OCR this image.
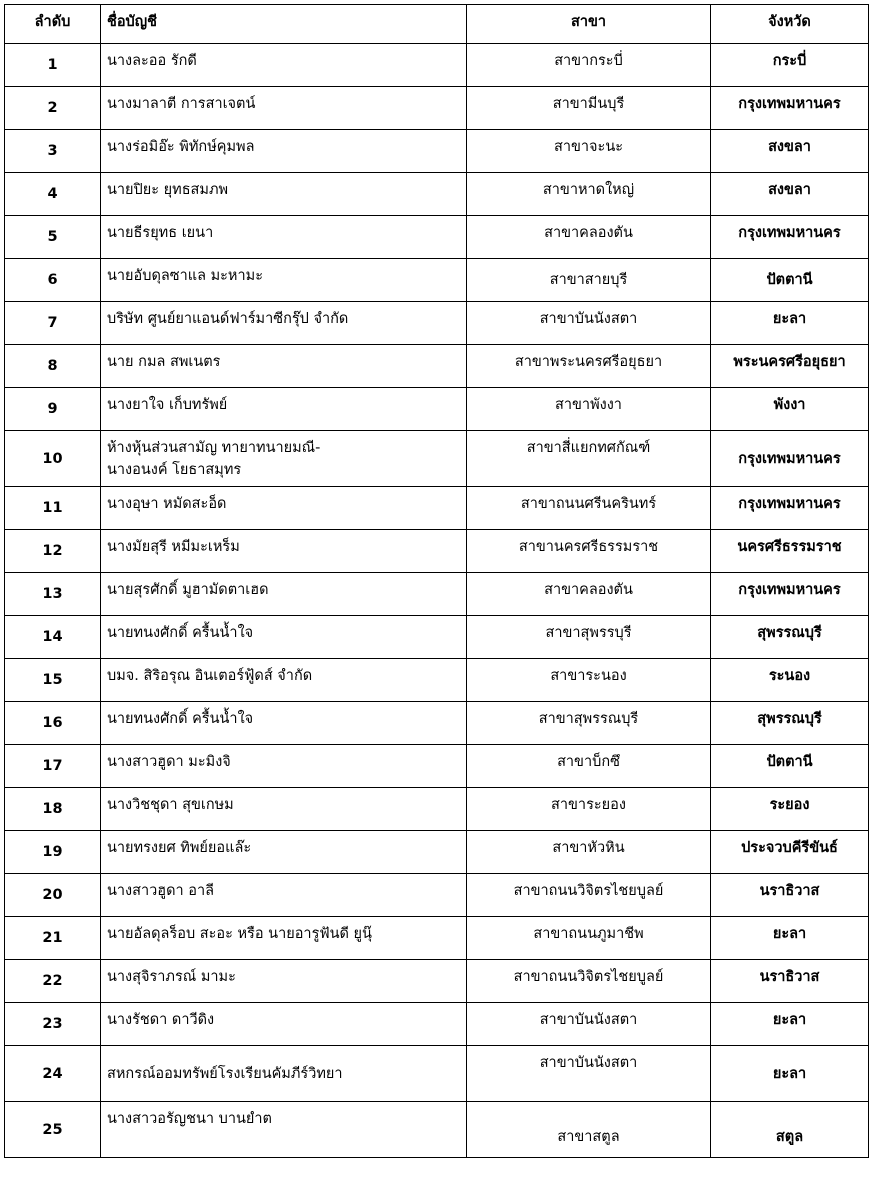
ลำดับ	ชื่อบัญชี	สาขา	จังหวัด
1	นางละออ รักดี	สาขากระบี่	กระบี่
2	นางมาลาตี การสาเจตน์	สาขามีนบุรี	กรุงเทพมหานคร
3	นางร่อมิอ๊ะ พิทักษ์คุมพล	สาขาจะนะ	สงขลา
4	นายปิยะ ยุทธสมภพ	สาขาหาดใหญ่	สงขลา
5	นายธีรยุทธ เยนา	สาขาคลองตัน	กรุงเทพมหานคร
6	นายอับดุลซาแล มะหามะ	สาขาสายบุรี	ปัตตานี
7	บริษัท ศูนย์ยาแอนด์ฟาร์มาซีกรุ๊ป จำกัด	สาขาบันนังสตา	ยะลา
8	นาย กมล สพเนตร	สาขาพระนครศรีอยุธยา	พระนครศรีอยุธยา
9	นางยาใจ เก็บทรัพย์	สาขาพังงา	พังงา
10	ห้างหุ้นส่วนสามัญ ทายาทนายมณี-
นางอนงค์ โยธาสมุทร	สาขาสี่แยกทศกัณฑ์	กรุงเทพมหานคร
11	นางอุษา หมัดสะอ็ด	สาขาถนนศรีนครินทร์	กรุงเทพมหานคร
12	นางมัยสุรี หมีมะเหร็ม	สาขานครศรีธรรมราช	นครศรีธรรมราช
13	นายสุรศักดิ์ มูฮามัดตาเฮด	สาขาคลองตัน	กรุงเทพมหานคร
14	นายทนงศักดิ์ ครื้นน้ำใจ	สาขาสุพรรบุรี	สุพรรณบุรี
15	บมจ. สิริอรุณ อินเตอร์ฟู้ดส์ จำกัด	สาขาระนอง	ระนอง
16	นายทนงศักดิ์ ครื้นน้ำใจ	สาขาสุพรรณบุรี	สุพรรณบุรี
17	นางสาวฮูดา มะมิงจิ	สาขาบ็กซึ	ปัตตานี
18	นางวิชชุดา สุขเกษม	สาขาระยอง	ระยอง
19	นายทรงยศ ทิพย์ยอแล๊ะ	สาขาหัวหิน	ประจวบคีรีขันธ์
20	นางสาวฮูดา อาลี	สาขาถนนวิจิตรไชยบูลย์	นราธิวาส
21	นายอัลดุลร็อบ สะอะ หรือ นายอารูฟันดี ยูนุ๊	สาขาถนนภูมาชีพ	ยะลา
22	นางสุจิราภรณ์ มามะ	สาขาถนนวิจิตรไชยบูลย์	นราธิวาส
23	นางรัชดา ดาวีดิง	สาขาบันนังสตา	ยะลา
24	สหกรณ์ออมทรัพย์โรงเรียนคัมภีร์วิทยา	สาขาบันนังสตา	ยะลา
25	นางสาวอรัญชนา บานยำต	สาขาสตูล	สตูล
